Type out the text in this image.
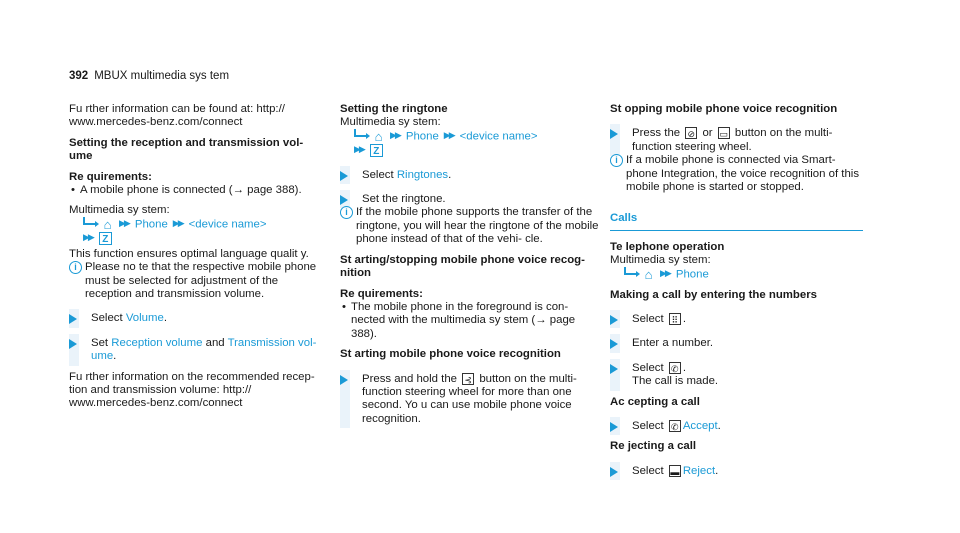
392 MBUX multimedia sys tem

Fu rther information can be found at: http:// www.mercedes-benz.com/connect

Setting the reception and transmission vol‑ ume

Re quirements:

• A mobile phone is connected (→ page 388).

Multimedia sy stem:

⌂ ▶▶ Phone ▶▶ <device name>

▶▶ Z

This function ensures optimal language qualit y.

i Please no te that the respective mobile phone must be selected for adjustment of the reception and transmission volume.
Select Volume.
Set Reception volume and Transmission vol‑ ume.

Fu rther information on the recommended recep‑ tion and transmission volume: http:// www.mercedes-benz.com/connect

Setting the ringtone

Multimedia sy stem:

⌂ ▶▶ Phone ▶▶ <device name>

▶▶ Z

Select Ringtones.
Set the ringtone.
i If the mobile phone supports the transfer of the ringtone, you will hear the ringtone of the mobile phone instead of that of the vehi‑ cle.

St arting/stopping mobile phone voice recog‑ nition

Re quirements:

• The mobile phone in the foreground is con‑ nected with the multimedia sy stem (→ page 388).

St arting mobile phone voice recognition

Press and hold the ⊰ button on the multi‑ function steering wheel for more than one second. Yo u can use mobile phone voice recognition.

St opping mobile phone voice recognition

Press the ⊘ or ▭ button on the multi‑ function steering wheel.
i If a mobile phone is connected via Smart‑ phone Integration, the voice recognition of this mobile phone is started or stopped.

Calls

Te lephone operation

Multimedia sy stem:

⌂ ▶▶ Phone

Making a call by entering the numbers

Select ⠿ .
Enter a number.
Select ✆ .
The call is made.

Ac cepting a call

Select ✆ Accept.

Re jecting a call

Select ▬ Reject.
